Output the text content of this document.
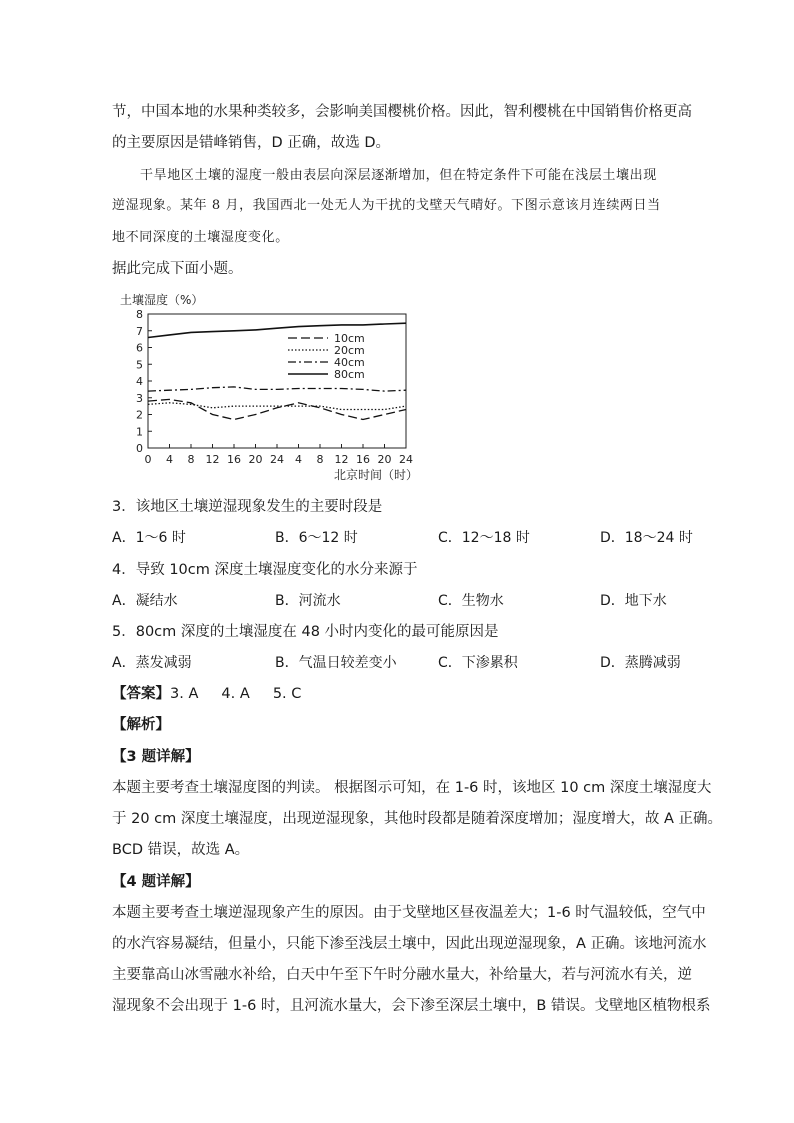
节，中国本地的水果种类较多，会影响美国樱桃价格。因此，智利樱桃在中国销售价格更高
的主要原因是错峰销售，D 正确，故选 D。
干旱地区土壤的湿度一般由表层向深层逐渐增加，但在特定条件下可能在浅层土壤出现
逆湿现象。某年 8 月，我国西北一处无人为干扰的戈壁天气晴好。下图示意该月连续两日当
地不同深度的土壤湿度变化。
据此完成下面小题。
土壤湿度（%）
0
1
2
3
4
5
6
7
8
0 4 8 12 16 20 24 4 8 12 16 20 24
10cm
20cm
40cm
80cm
北京时间（时）
3．该地区土壤逆湿现象发生的主要时段是
A．1～6 时	B．6～12 时	C．12～18 时	D．18～24 时
4．导致 10cm 深度土壤湿度变化的水分来源于
A．凝结水	B．河流水	C．生物水	D．地下水
5．80cm 深度的土壤湿度在 48 小时内变化的最可能原因是
A．蒸发减弱	B．气温日较差变小	C．下渗累积	D．蒸腾减弱
【答案】3. A     4. A     5. C
【解析】
【3 题详解】
本题主要考查土壤湿度图的判读。 根据图示可知，在 1-6 时，该地区 10 cm 深度土壤湿度大
于 20 cm 深度土壤湿度，出现逆湿现象，其他时段都是随着深度增加；湿度增大，故 A 正确。
BCD 错误，故选 A。
【4 题详解】
本题主要考查土壤逆湿现象产生的原因。由于戈壁地区昼夜温差大；1-6 时气温较低，空气中
的水汽容易凝结，但量小，只能下渗至浅层土壤中，因此出现逆湿现象，A 正确。该地河流水
主要靠高山冰雪融水补给，白天中午至下午时分融水量大，补给量大，若与河流水有关，逆
湿现象不会出现于 1-6 时，且河流水量大，会下渗至深层土壤中，B 错误。戈壁地区植物根系
